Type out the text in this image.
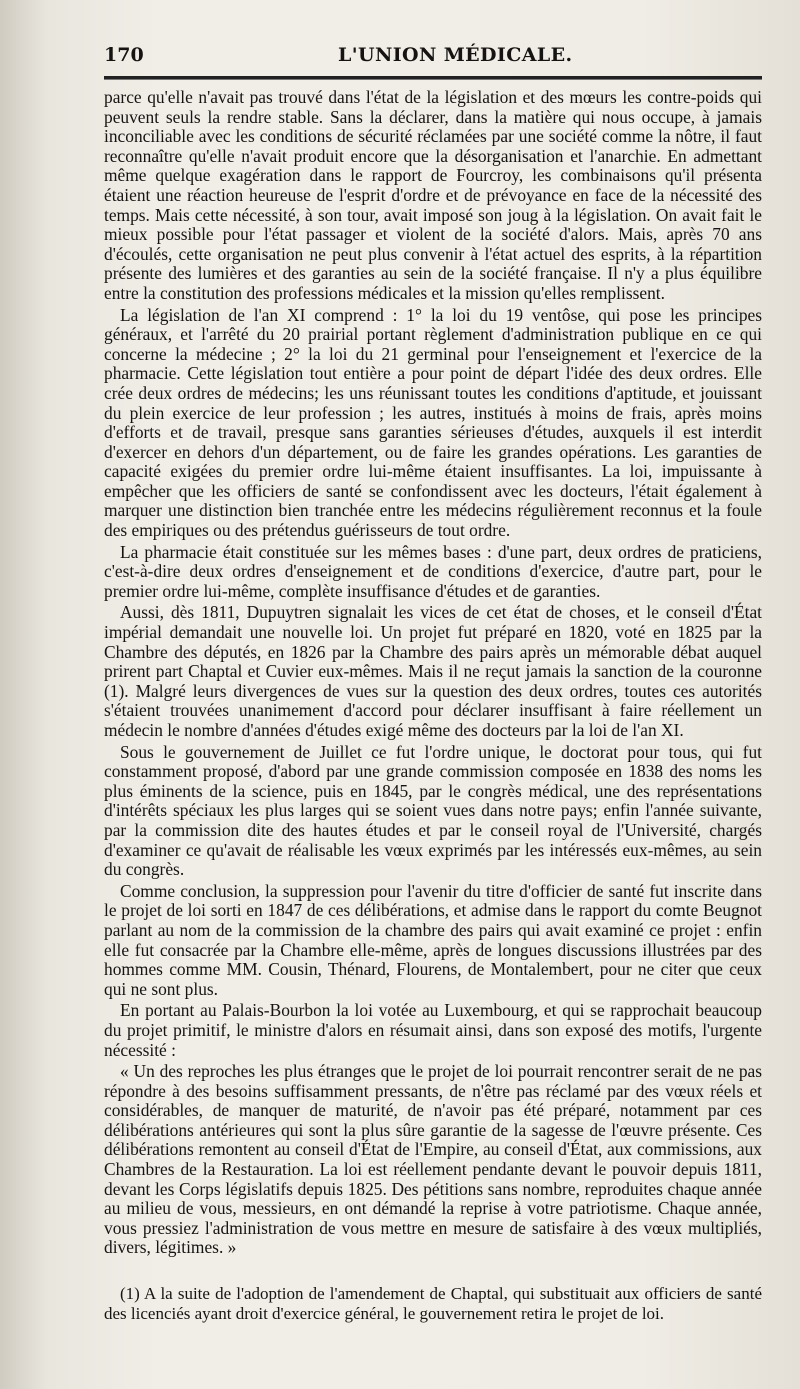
170	L'UNION MÉDICALE.

parce qu'elle n'avait pas trouvé dans l'état de la législation et des mœurs les contre-poids qui peuvent seuls la rendre stable. Sans la déclarer, dans la matière qui nous occupe, à jamais inconciliable avec les conditions de sécurité réclamées par une société comme la nôtre, il faut reconnaître qu'elle n'avait produit encore que la désorganisation et l'anarchie. En admettant même quelque exagération dans le rapport de Fourcroy, les combinaisons qu'il présenta étaient une réaction heureuse de l'esprit d'ordre et de prévoyance en face de la nécessité des temps. Mais cette nécessité, à son tour, avait imposé son joug à la législation. On avait fait le mieux possible pour l'état passager et violent de la société d'alors. Mais, après 70 ans d'écoulés, cette organisation ne peut plus convenir à l'état actuel des esprits, à la répartition présente des lumières et des garanties au sein de la société française. Il n'y a plus équilibre entre la constitution des professions médicales et la mission qu'elles remplissent.

La législation de l'an XI comprend : 1° la loi du 19 ventôse, qui pose les principes généraux, et l'arrêté du 20 prairial portant règlement d'administration publique en ce qui concerne la médecine ; 2° la loi du 21 germinal pour l'enseignement et l'exercice de la pharmacie. Cette législation tout entière a pour point de départ l'idée des deux ordres. Elle crée deux ordres de médecins; les uns réunissant toutes les conditions d'aptitude, et jouissant du plein exercice de leur profession ; les autres, institués à moins de frais, après moins d'efforts et de travail, presque sans garanties sérieuses d'études, auxquels il est interdit d'exercer en dehors d'un département, ou de faire les grandes opérations. Les garanties de capacité exigées du premier ordre lui-même étaient insuffisantes. La loi, impuissante à empêcher que les officiers de santé se confondissent avec les docteurs, l'était également à marquer une distinction bien tranchée entre les médecins régulièrement reconnus et la foule des empiriques ou des prétendus guérisseurs de tout ordre.

La pharmacie était constituée sur les mêmes bases : d'une part, deux ordres de praticiens, c'est-à-dire deux ordres d'enseignement et de conditions d'exercice, d'autre part, pour le premier ordre lui-même, complète insuffisance d'études et de garanties.

Aussi, dès 1811, Dupuytren signalait les vices de cet état de choses, et le conseil d'État impérial demandait une nouvelle loi. Un projet fut préparé en 1820, voté en 1825 par la Chambre des députés, en 1826 par la Chambre des pairs après un mémorable débat auquel prirent part Chaptal et Cuvier eux-mêmes. Mais il ne reçut jamais la sanction de la couronne (1). Malgré leurs divergences de vues sur la question des deux ordres, toutes ces autorités s'étaient trouvées unanimement d'accord pour déclarer insuffisant à faire réellement un médecin le nombre d'années d'études exigé même des docteurs par la loi de l'an XI.

Sous le gouvernement de Juillet ce fut l'ordre unique, le doctorat pour tous, qui fut constamment proposé, d'abord par une grande commission composée en 1838 des noms les plus éminents de la science, puis en 1845, par le congrès médical, une des représentations d'intérêts spéciaux les plus larges qui se soient vues dans notre pays; enfin l'année suivante, par la commission dite des hautes études et par le conseil royal de l'Université, chargés d'examiner ce qu'avait de réalisable les vœux exprimés par les intéressés eux-mêmes, au sein du congrès.

Comme conclusion, la suppression pour l'avenir du titre d'officier de santé fut inscrite dans le projet de loi sorti en 1847 de ces délibérations, et admise dans le rapport du comte Beugnot parlant au nom de la commission de la chambre des pairs qui avait examiné ce projet : enfin elle fut consacrée par la Chambre elle-même, après de longues discussions illustrées par des hommes comme MM. Cousin, Thénard, Flourens, de Montalembert, pour ne citer que ceux qui ne sont plus.

En portant au Palais-Bourbon la loi votée au Luxembourg, et qui se rapprochait beaucoup du projet primitif, le ministre d'alors en résumait ainsi, dans son exposé des motifs, l'urgente nécessité :

« Un des reproches les plus étranges que le projet de loi pourrait rencontrer serait de ne pas répondre à des besoins suffisamment pressants, de n'être pas réclamé par des vœux réels et considérables, de manquer de maturité, de n'avoir pas été préparé, notamment par ces délibérations antérieures qui sont la plus sûre garantie de la sagesse de l'œuvre présente. Ces délibérations remontent au conseil d'État de l'Empire, au conseil d'État, aux commissions, aux Chambres de la Restauration. La loi est réellement pendante devant le pouvoir depuis 1811, devant les Corps législatifs depuis 1825. Des pétitions sans nombre, reproduites chaque année au milieu de vous, messieurs, en ont démandé la reprise à votre patriotisme. Chaque année, vous pressiez l'administration de vous mettre en mesure de satisfaire à des vœux multipliés, divers, légitimes. »

(1) A la suite de l'adoption de l'amendement de Chaptal, qui substituait aux officiers de santé des licenciés ayant droit d'exercice général, le gouvernement retira le projet de loi.
